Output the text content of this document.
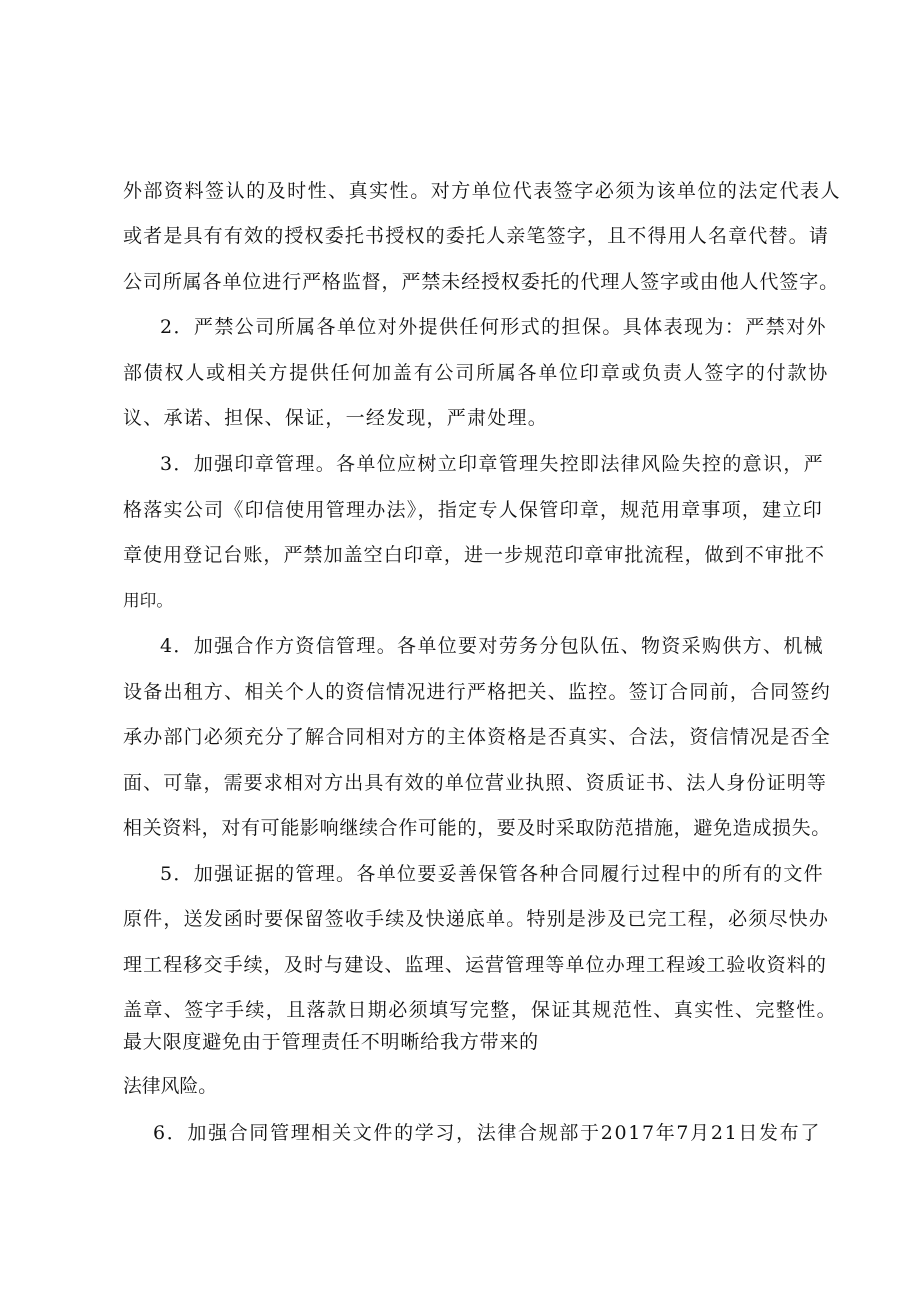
外部资料签认的及时性、真实性。对方单位代表签字必须为该单位的法定代表人
或者是具有有效的授权委托书授权的委托人亲笔签字，且不得用人名章代替。请
公司所属各单位进行严格监督，严禁未经授权委托的代理人签字或由他人代签字。
2．严禁公司所属各单位对外提供任何形式的担保。具体表现为：严禁对外
部债权人或相关方提供任何加盖有公司所属各单位印章或负责人签字的付款协
议、承诺、担保、保证，一经发现，严肃处理。
3．加强印章管理。各单位应树立印章管理失控即法律风险失控的意识，严
格落实公司《印信使用管理办法》，指定专人保管印章，规范用章事项，建立印
章使用登记台账，严禁加盖空白印章，进一步规范印章审批流程，做到不审批不
用印。
4．加强合作方资信管理。各单位要对劳务分包队伍、物资采购供方、机械
设备出租方、相关个人的资信情况进行严格把关、监控。签订合同前，合同签约
承办部门必须充分了解合同相对方的主体资格是否真实、合法，资信情况是否全
面、可靠，需要求相对方出具有效的单位营业执照、资质证书、法人身份证明等
相关资料，对有可能影响继续合作可能的，要及时采取防范措施，避免造成损失。
5．加强证据的管理。各单位要妥善保管各种合同履行过程中的所有的文件
原件，送发函时要保留签收手续及快递底单。特别是涉及已完工程，必须尽快办
理工程移交手续，及时与建设、监理、运营管理等单位办理工程竣工验收资料的
盖章、签字手续，且落款日期必须填写完整，保证其规范性、真实性、完整性。
最大限度避免由于管理责任不明晰给我方带来的
法律风险。
6．加强合同管理相关文件的学习，法律合规部于2017年7月21日发布了
